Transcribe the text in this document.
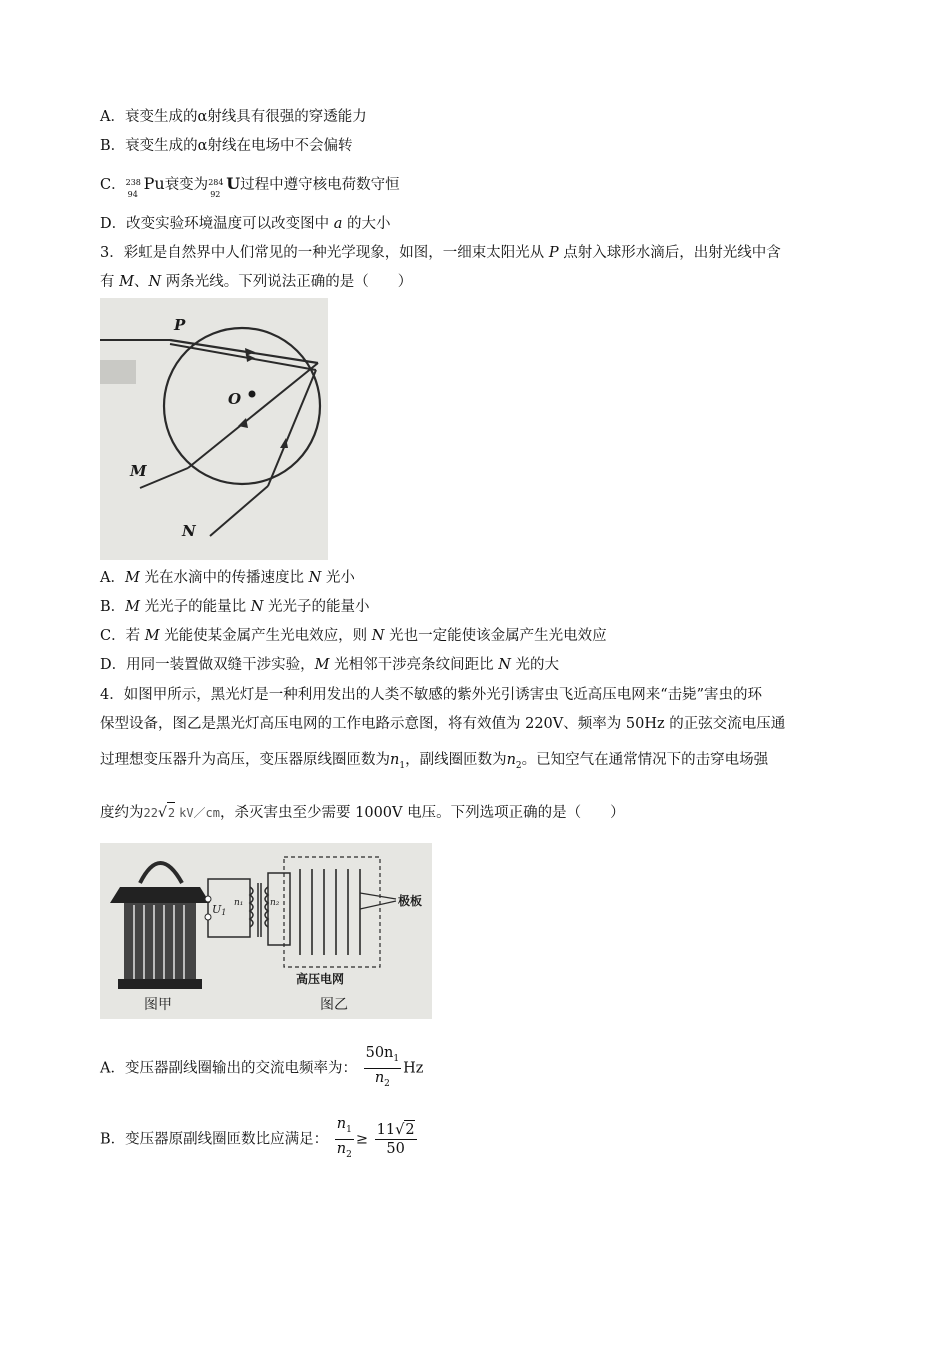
A．衰变生成的α射线具有很强的穿透能力
B．衰变生成的α射线在电场中不会偏转
C． 238
94
Pu衰变为 284
92
U过程中遵守核电荷数守恒
D．改变实验环境温度可以改变图中 a 的大小
3．彩虹是自然界中人们常见的一种光学现象，如图，一细束太阳光从 P 点射入球形水滴后，出射光线中含
有 M、N 两条光线。下列说法正确的是（　　）
P
O
M
N
A．M 光在水滴中的传播速度比 N 光小
B．M 光光子的能量比 N 光光子的能量小
C．若 M 光能使某金属产生光电效应，则 N 光也一定能使该金属产生光电效应
D．用同一装置做双缝干涉实验，M 光相邻干涉亮条纹间距比 N 光的大
4．如图甲所示，黑光灯是一种利用发出的人类不敏感的紫外光引诱害虫飞近高压电网来“击毙”害虫的环
保型设备，图乙是黑光灯高压电网的工作电路示意图，将有效值为 220V、频率为 50Hz 的正弦交流电压通
过理想变压器升为高压，变压器原线圈匝数为$n_1$，副线圈匝数为$n_2$。已知空气在通常情况下的击穿电场强
度约为22√2 kV／cm，杀灭害虫至少需要 1000V 电压。下列选项正确的是（　　）
U1
n₁	n₂	极板
高压电网
图甲	图乙
A．变压器副线圈输出的交流电频率为： $\frac{50n_1}{n_2}$ Hz
B．变压器原副线圈匝数比应满足： $\frac{n_1}{n_2} \ge \frac{11√2}{50}$
